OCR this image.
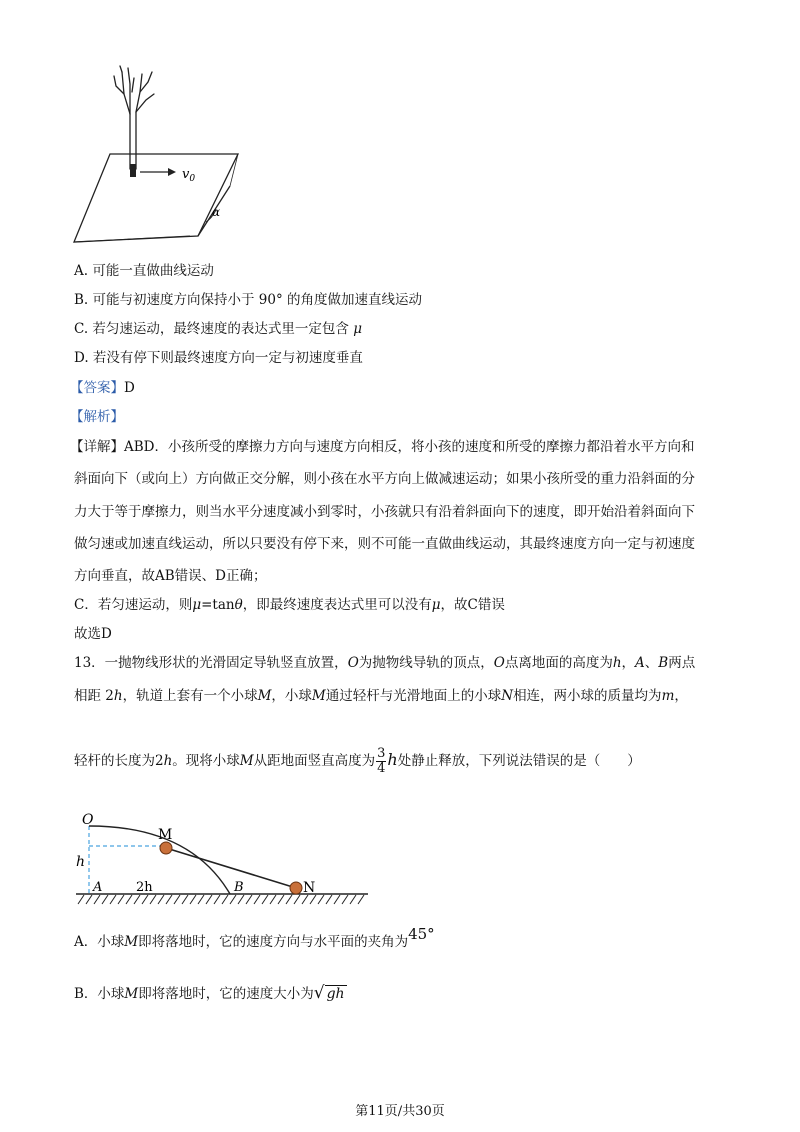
$v_0$
α
A. 可能一直做曲线运动
B. 可能与初速度方向保持小于 90° 的角度做加速直线运动
C. 若匀速运动，最终速度的表达式里一定包含 μ
D. 若没有停下则最终速度方向一定与初速度垂直
【答案】D
【解析】
【详解】ABD．小孩所受的摩擦力方向与速度方向相反，将小孩的速度和所受的摩擦力都沿着水平方向和
斜面向下（或向上）方向做正交分解，则小孩在水平方向上做减速运动；如果小孩所受的重力沿斜面的分
力大于等于摩擦力，则当水平分速度减小到零时，小孩就只有沿着斜面向下的速度，即开始沿着斜面向下
做匀速或加速直线运动，所以只要没有停下来，则不可能一直做曲线运动，其最终速度方向一定与初速度
方向垂直，故AB错误、D正确；
C．若匀速运动，则μ=tanθ，即最终速度表达式里可以没有μ，故C错误
故选D
13．一抛物线形状的光滑固定导轨竖直放置，O为抛物线导轨的顶点，O点离地面的高度为h，A、B两点
相距 2h，轨道上套有一个小球M，小球M通过轻杆与光滑地面上的小球N相连，两小球的质量均为m，
轻杆的长度为2h。现将小球M从距地面竖直高度为 $\frac{3}{4}$ h处静止释放，下列说法错误的是（　　）
O
M
h
A	2h	B	N
A．小球M即将落地时，它的速度方向与水平面的夹角为45°
B．小球M即将落地时，它的速度大小为√ gh
第11页/共30页
